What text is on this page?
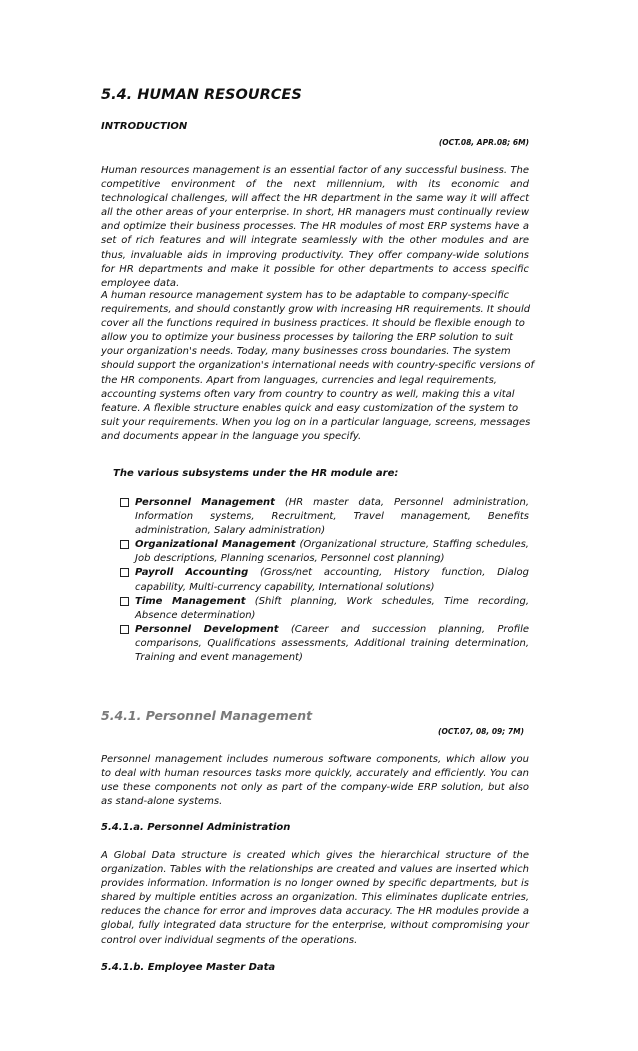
5.4. HUMAN RESOURCES
INTRODUCTION
(OCT.08, APR.08; 6M)
Human resources management is an essential factor of any successful business. The competitive environment of the next millennium, with its economic and technological challenges, will affect the HR department in the same way it will affect all the other areas of your enterprise. In short, HR managers must continually review and optimize their business processes. The HR modules of most ERP systems have a set of rich features and will integrate seamlessly with the other modules and are thus, invaluable aids in improving productivity. They offer company-wide solutions for HR departments and make it possible for other departments to access specific employee data.
A human resource management system has to be adaptable to company-specific requirements, and should constantly grow with increasing HR requirements. It should cover all the functions required in business practices. It should be flexible enough to allow you to optimize your business processes by tailoring the ERP solution to suit your organization's needs. Today, many businesses cross boundaries. The system should support the organization's international needs with country-specific versions of the HR components. Apart from languages, currencies and legal requirements, accounting systems often vary from country to country as well, making this a vital feature. A flexible structure enables quick and easy customization of the system to suit your requirements. When you log on in a particular language, screens, messages and documents appear in the language you specify.
The various subsystems under the HR module are:
Personnel Management (HR master data, Personnel administration, Information systems, Recruitment, Travel management, Benefits administration, Salary administration)
Organizational Management (Organizational structure, Staffing schedules, Job descriptions, Planning scenarios, Personnel cost planning)
Payroll Accounting (Gross/net accounting, History function, Dialog capability, Multi-currency capability, International solutions)
Time Management (Shift planning, Work schedules, Time recording, Absence determination)
Personnel Development (Career and succession planning, Profile comparisons, Qualifications assessments, Additional training determination, Training and event management)
5.4.1. Personnel Management
(OCT.07, 08, 09; 7M)
Personnel management includes numerous software components, which allow you to deal with human resources tasks more quickly, accurately and efficiently. You can use these components not only as part of the company-wide ERP solution, but also as stand-alone systems.
5.4.1.a. Personnel Administration
A Global Data structure is created which gives the hierarchical structure of the organization. Tables with the relationships are created and values are inserted which provides information. Information is no longer owned by specific departments, but is shared by multiple entities across an organization. This eliminates duplicate entries, reduces the chance for error and improves data accuracy. The HR modules provide a global, fully integrated data structure for the enterprise, without compromising your control over individual segments of the operations.
5.4.1.b. Employee Master Data
